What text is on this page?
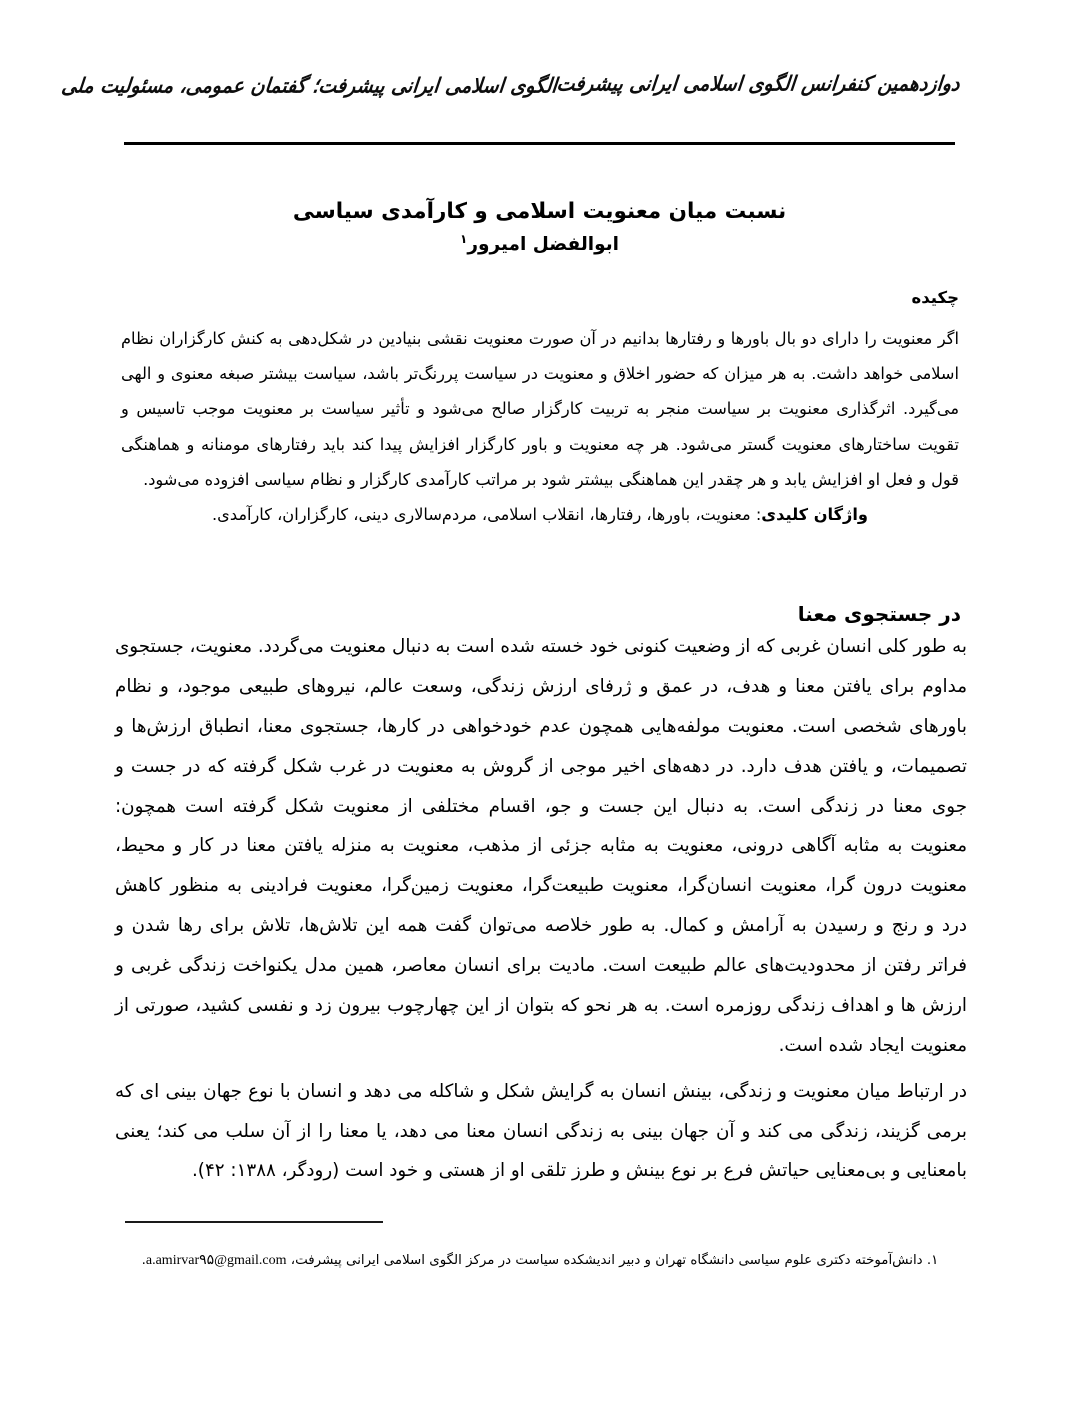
دوازدهمین کنفرانس الگوی اسلامی ایرانی پیشرفت
الگوی اسلامی ایرانی پیشرفت؛ گفتمان عمومی، مسئولیت ملی
نسبت میان معنویت اسلامی و کارآمدی سیاسی
ابوالفضل امیرور$^۱$
چکیده

اگر معنویت را دارای دو بال باورها و رفتارها بدانیم در آن صورت معنویت نقشی بنیادین در شکل‌دهی به کنش کارگزاران نظام اسلامی خواهد داشت. به هر میزان که حضور اخلاق و معنویت در سیاست پررنگ‌تر باشد، سیاست بیشتر صبغه معنوی و الهی می‌گیرد. اثرگذاری معنویت بر سیاست منجر به تربیت کارگزار صالح می‌شود و تأثیر سیاست بر معنویت موجب تاسیس و تقویت ساختارهای معنویت گستر می‌شود. هر چه معنویت و باور کارگزار افزایش پیدا کند باید رفتارهای مومنانه و هماهنگی قول و فعل او افزایش یابد و هر چقدر این هماهنگی بیشتر شود بر مراتب کارآمدی کارگزار و نظام سیاسی افزوده می‌شود.

واژگان کلیدی: معنویت، باورها، رفتارها، انقلاب اسلامی، مردم‌سالاری دینی، کارگزاران، کارآمدی.

در جستجوی معنا

به طور کلی انسان غربی که از وضعیت کنونی خود خسته شده است به دنبال معنویت می‌گردد. معنویت، جستجوی مداوم برای یافتن معنا و هدف، در عمق و ژرفای ارزش زندگی، وسعت عالم، نیروهای طبیعی موجود، و نظام باورهای شخصی است. معنویت مولفه‌هایی همچون عدم خودخواهی در کارها، جستجوی معنا، انطباق ارزش‌ها و تصمیمات، و یافتن هدف دارد. در دهه‌های اخیر موجی از گروش به معنویت در غرب شکل گرفته که در جست و جوی معنا در زندگی است. به دنبال این جست و جو، اقسام مختلفی از معنویت شکل گرفته است همچون: معنویت به مثابه آگاهی درونی، معنویت به مثابه جزئی از مذهب، معنویت به منزله یافتن معنا در کار و محیط، معنویت درون گرا، معنویت انسان‌گرا، معنویت طبیعت‌گرا، معنویت زمین‌گرا، معنویت فرادینی به منظور کاهش درد و رنج و رسیدن به آرامش و کمال. به طور خلاصه می‌توان گفت همه این تلاش‌ها، تلاش برای رها شدن و فراتر رفتن از محدودیت‌های عالم طبیعت است. مادیت برای انسان معاصر، همین مدل یکنواخت زندگی غربی و ارزش ها و اهداف زندگی روزمره است. به هر نحو که بتوان از این چهارچوب بیرون زد و نفسی کشید، صورتی از معنویت ایجاد شده است.

در ارتباط میان معنویت و زندگی، بینش انسان به گرایش شکل و شاکله می دهد و انسان با نوع جهان بینی ای که برمی گزیند، زندگی می کند و آن جهان بینی به زندگی انسان معنا می دهد، یا معنا را از آن سلب می کند؛ یعنی بامعنایی و بی‌معنایی حیاتش فرع بر نوع بینش و طرز تلقی او از هستی و خود است (رودگر، ۱۳۸۸: ۴۲).

۱. دانش‌آموخته دکتری علوم سیاسی دانشگاه تهران و دبیر اندیشکده سیاست در مرکز الگوی اسلامی ایرانی پیشرفت، a.amirvar۹۵@gmail.com.
